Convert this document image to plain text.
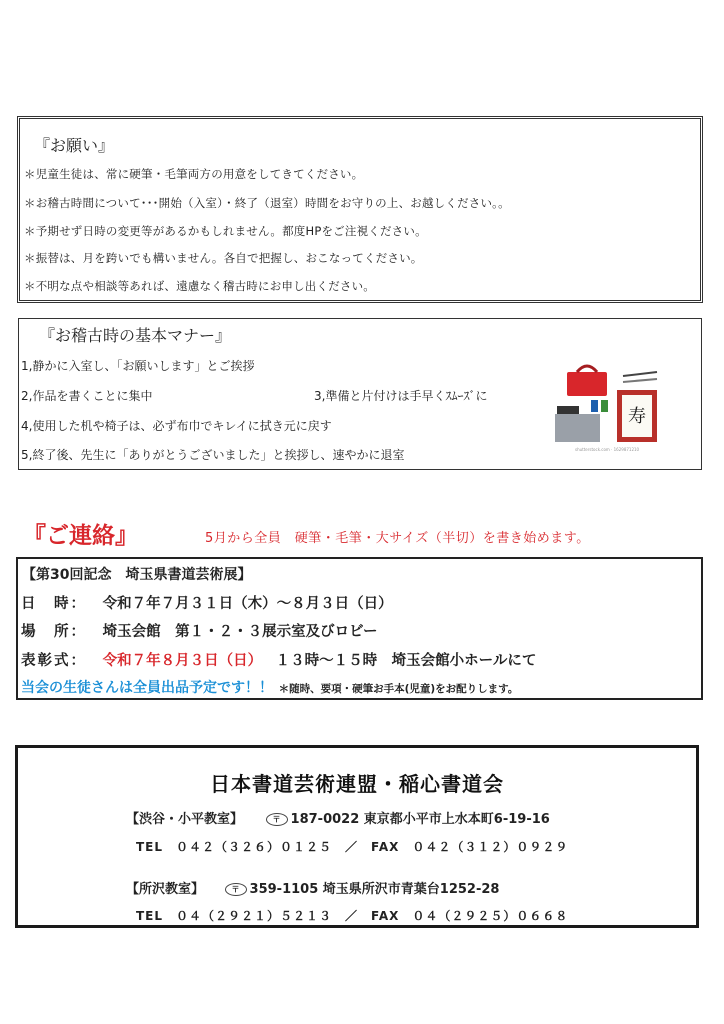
『お願い』
＊児童生徒は、常に硬筆・毛筆両方の用意をしてきてください。
＊お稽古時間について･･･開始（入室）・終了（退室）時間をお守りの上、お越しください。。
＊予期せず日時の変更等があるかもしれません。都度HPをご注視ください。
＊振替は、月を跨いでも構いません。各自で把握し、おこなってください。
＊不明な点や相談等あれば、遠慮なく稽古時にお申し出ください。
『お稽古時の基本マナー』
1,静かに入室し、「お願いします」とご挨拶
2,作品を書くことに集中	3,準備と片付けは手早くｽﾑｰｽﾞに
4,使用した机や椅子は、必ず布巾でキレイに拭き元に戻す
5,終了後、先生に「ありがとうございました」と挨拶し、速やかに退室
寿
shutterstock.com · 1629871210
『ご連絡』	5月から全員　硬筆・毛筆・大サイズ（半切）を書き始めます。
【第30回記念　埼玉県書道芸術展】
日　時： 令和７年７月３１日（木）～８月３日（日）
場　所： 埼玉会館　第１・２・３展示室及びロビー
表彰式： 令和７年８月３日（日） １３時～１５時　埼玉会館小ホールにて
当会の生徒さんは全員出品予定です！！ ＊随時、要項・硬筆お手本(児童)をお配りします。
日本書道芸術連盟・稲心書道会
【渋谷・小平教室】	〒 187-0022 東京都小平市上水本町6-19-16
TEL　０４２（３２６）０１２５　／　FAX　０４２（３１２）０９２９
【所沢教室】	〒 359-1105 埼玉県所沢市青葉台1252-28
TEL　０４（２９２１）５２１３　／　FAX　０４（２９２５）０６６８
